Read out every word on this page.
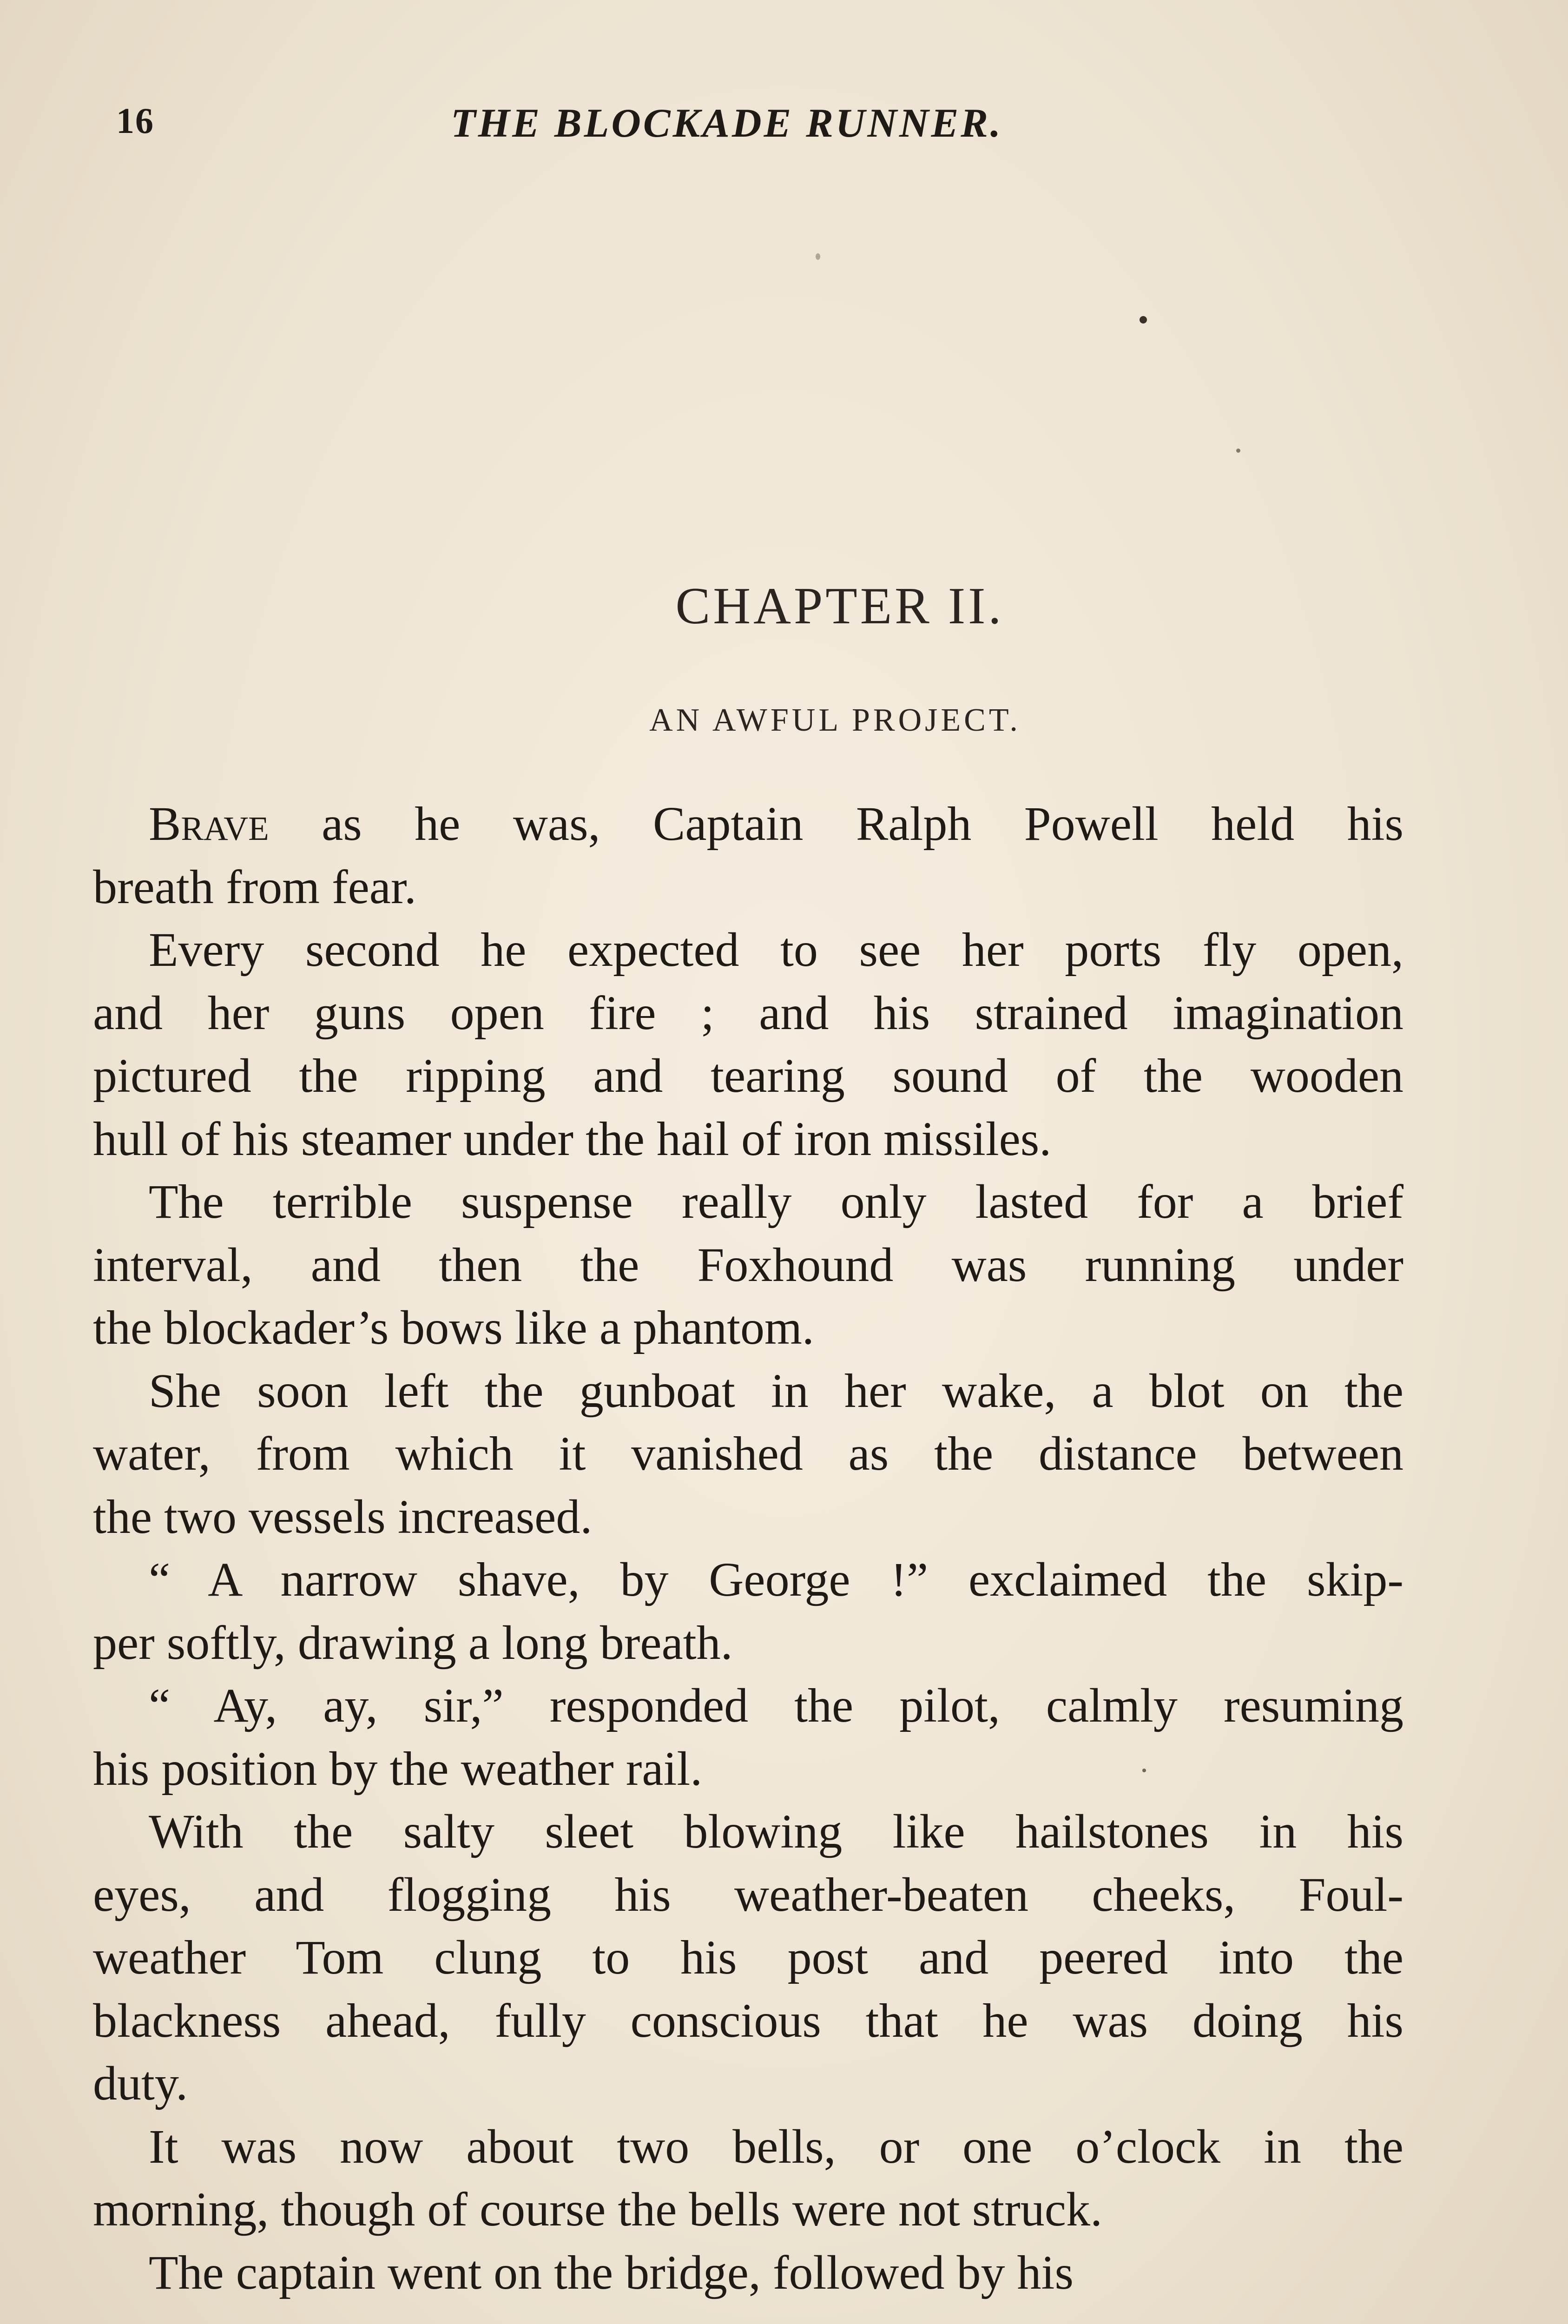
16	THE BLOCKADE RUNNER.
CHAPTER II.
AN AWFUL PROJECT.
Brave as he was, Captain Ralph Powell held his
breath from fear.
Every second he expected to see her ports fly open,
and her guns open fire ; and his strained imagination
pictured the ripping and tearing sound of the wooden
hull of his steamer under the hail of iron missiles.
The terrible suspense really only lasted for a brief
interval, and then the Foxhound was running under
the blockader’s bows like a phantom.
She soon left the gunboat in her wake, a blot on the
water, from which it vanished as the distance between
the two vessels increased.
“ A narrow shave, by George !” exclaimed the skip-
per softly, drawing a long breath.
“ Ay, ay, sir,” responded the pilot, calmly resuming
his position by the weather rail.
With the salty sleet blowing like hailstones in his
eyes, and flogging his weather-beaten cheeks, Foul-
weather Tom clung to his post and peered into the
blackness ahead, fully conscious that he was doing his
duty.
It was now about two bells, or one o’clock in the
morning, though of course the bells were not struck.
The captain went on the bridge, followed by his
